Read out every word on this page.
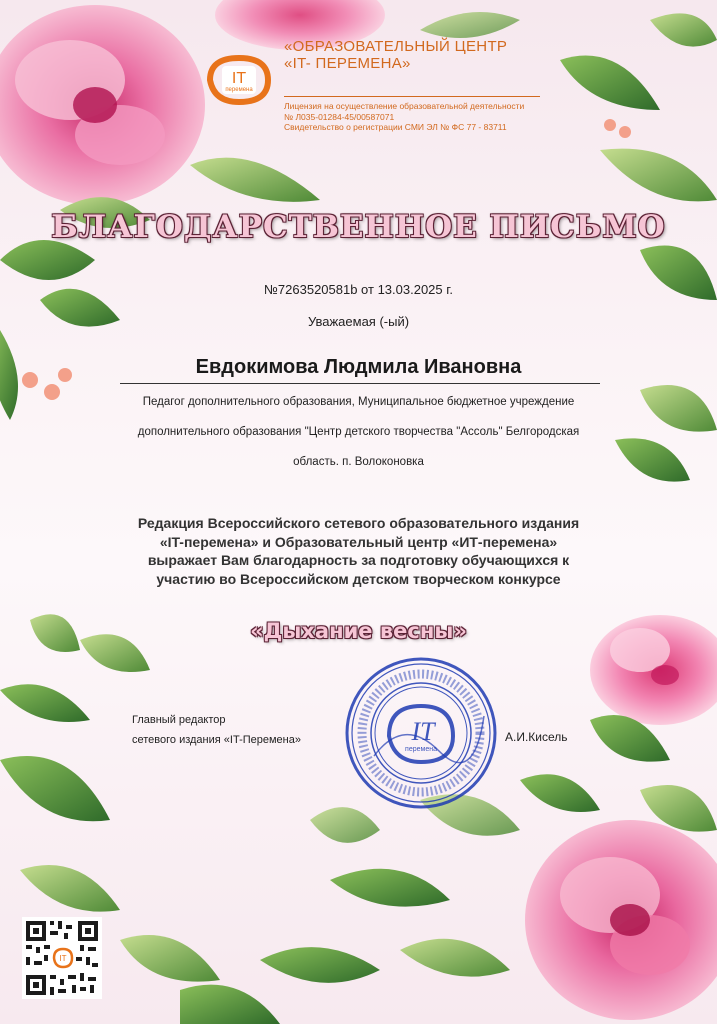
IT
перемена
«ОБРАЗОВАТЕЛЬНЫЙ ЦЕНТР
«IT- ПЕРЕМЕНА»
Лицензия на осуществление образовательной деятельности
№ Л035-01284-45/00587071
Свидетельство о регистрации СМИ ЭЛ № ФС 77 - 83711
БЛАГОДАРСТВЕННОЕ ПИСЬМО
№7263520581b от 13.03.2025 г.
Уважаемая (-ый)
Евдокимова Людмила Ивановна
Педагог дополнительного образования, Муниципальное бюджетное учреждение
дополнительного образования "Центр детского творчества "Ассоль" Белгородская
область. п. Волоконовка
Редакция Всероссийского сетевого образовательного издания
«IT-перемена» и Образовательный центр «ИТ-перемена»
выражает Вам благодарность за подготовку обучающихся к
участию во Всероссийском детском творческом конкурсе
«Дыхание весны»
Главный редактор
сетевого издания «IT-Перемена»	А.И.Кисель
IT
перемена
IT
